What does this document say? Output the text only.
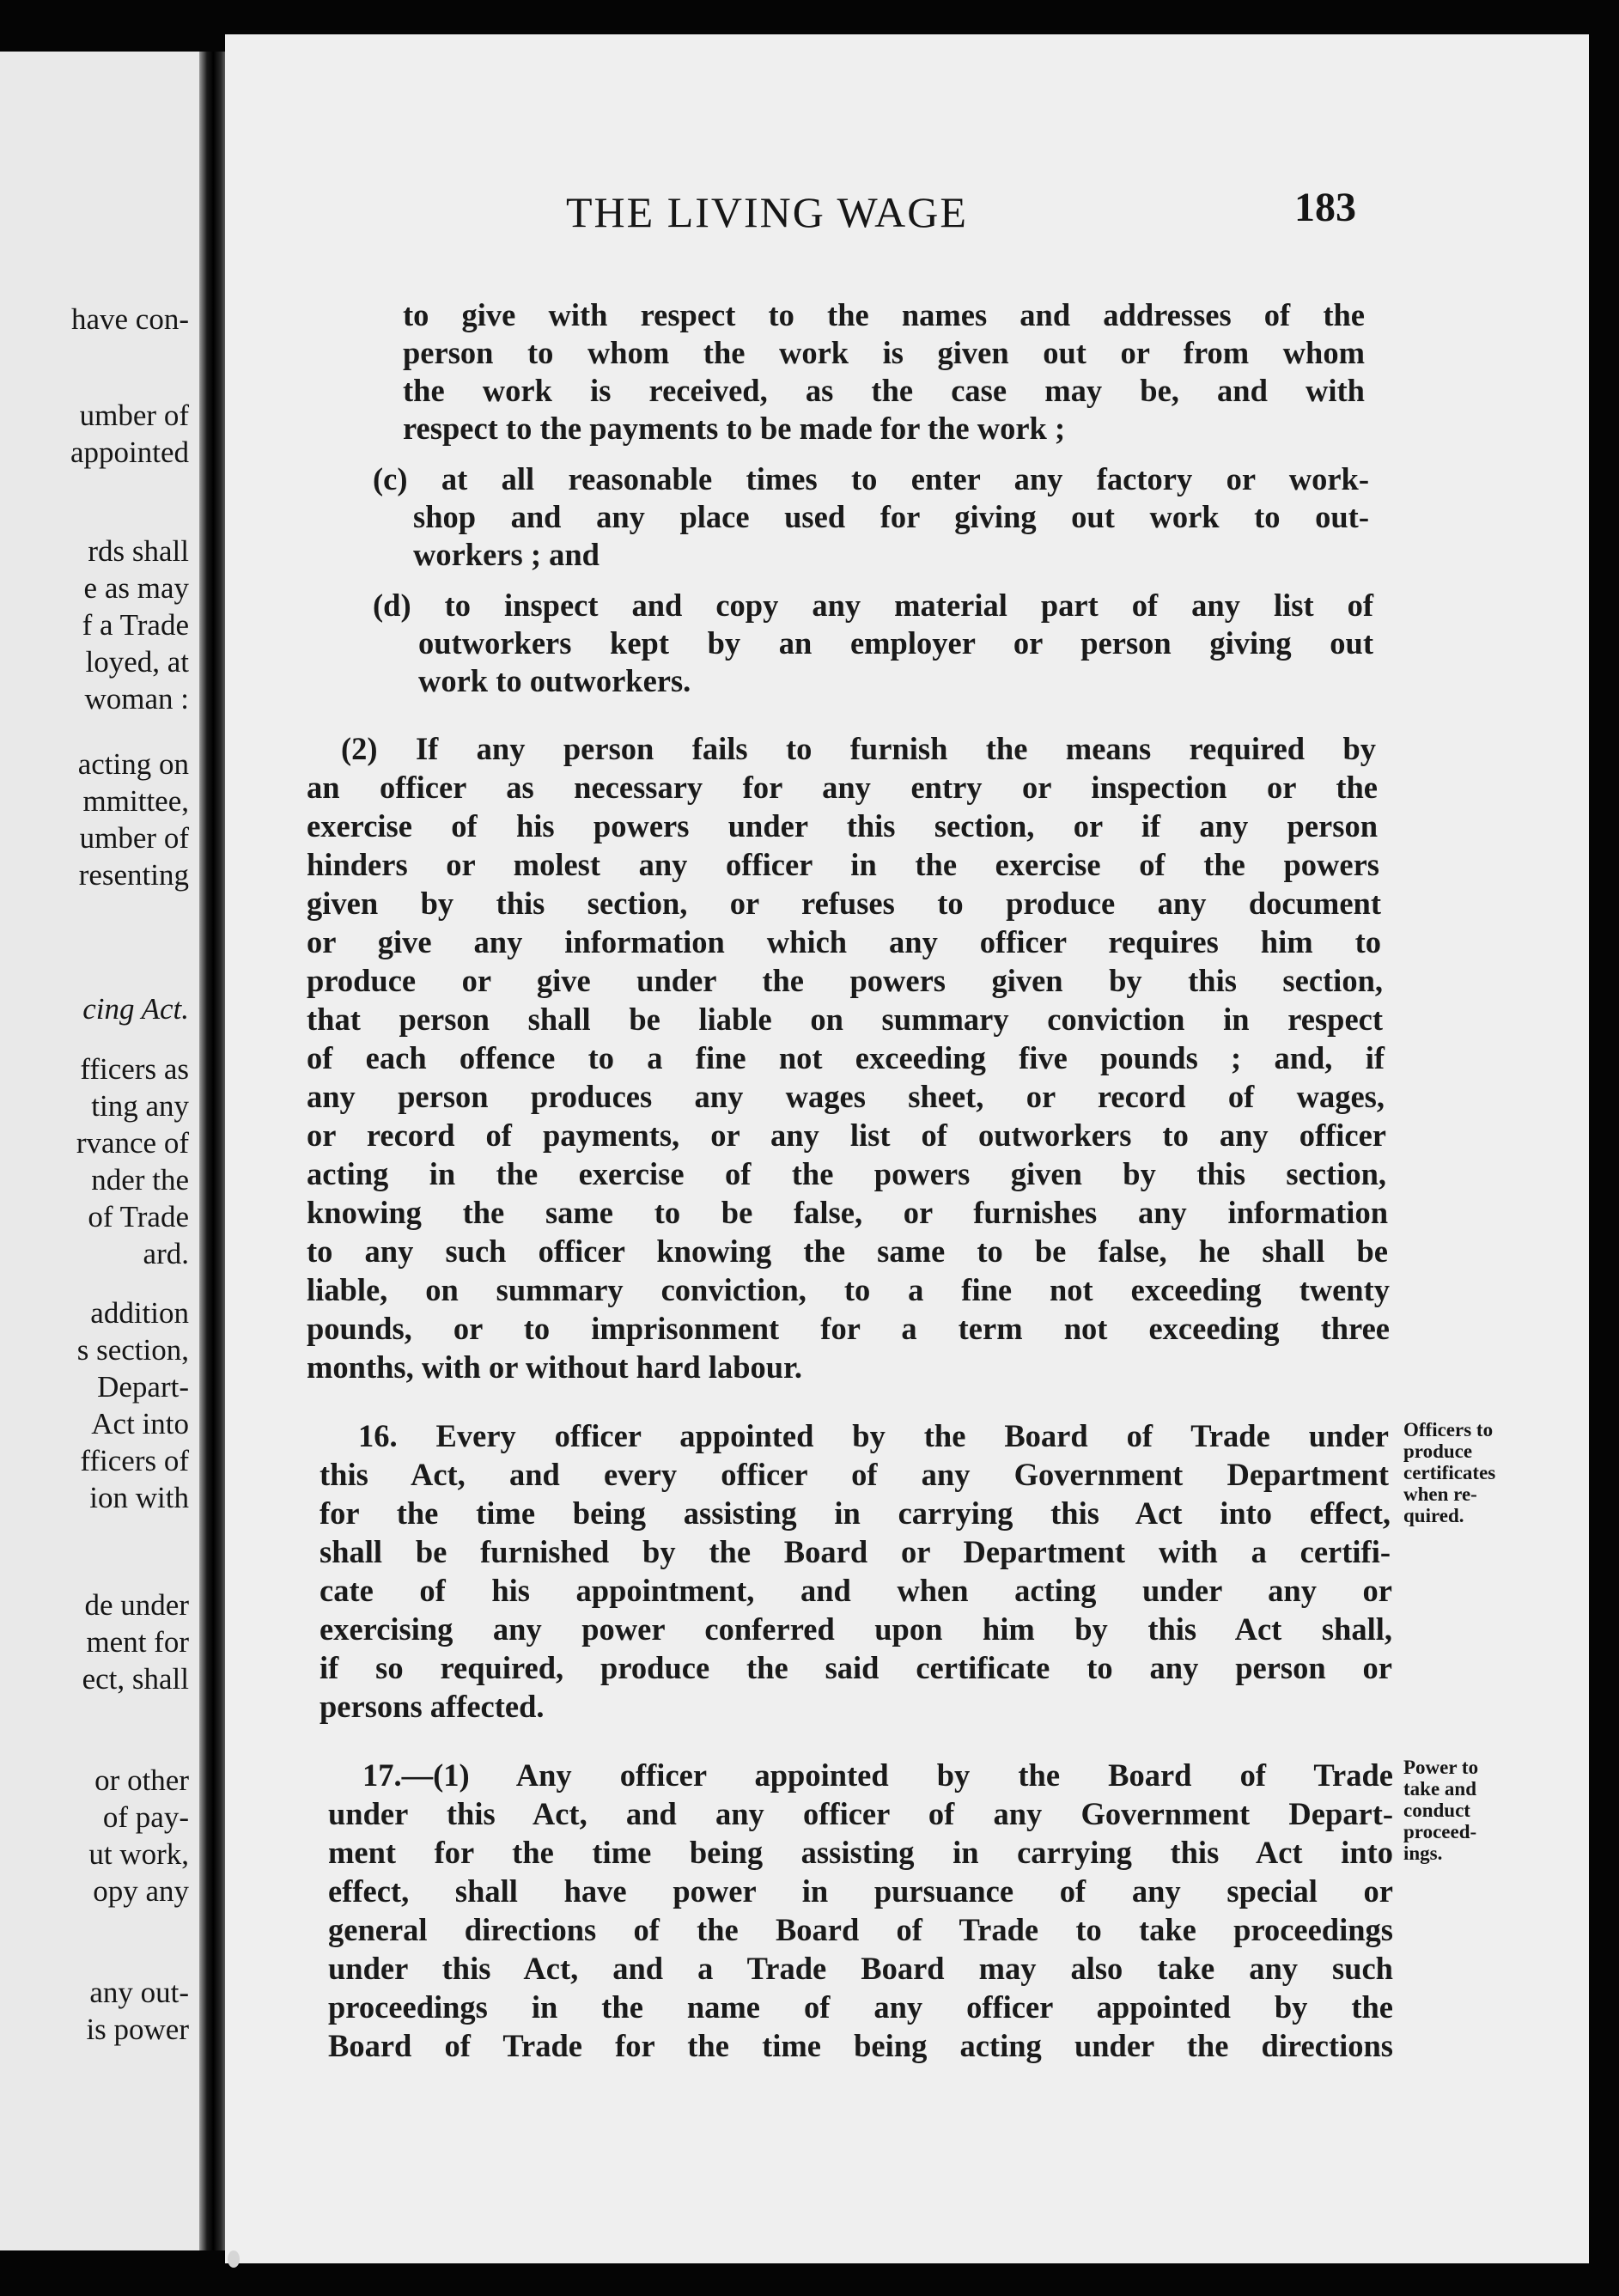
have con-
umber of
appointed
rds shall
e as may
f a Trade
loyed, at
woman :
acting on
mmittee,
umber of
resenting
cing Act.
fficers as
ting any
rvance of
nder the
of Trade
ard.
addition
s section,
Depart-
Act into
fficers of
ion with
de under
ment for
ect, shall
or other
of pay-
ut work,
opy any
any out-
is power
THE LIVING WAGE	183
to give with respect to the names and addresses of the
person to whom the work is given out or from whom
the work is received, as the case may be, and with
respect to the payments to be made for the work ;
(c) at all reasonable times to enter any factory or work-
shop and any place used for giving out work to out-
workers ; and
(d) to inspect and copy any material part of any list of
outworkers kept by an employer or person giving out
work to outworkers.
(2) If any person fails to furnish the means required by
an officer as necessary for any entry or inspection or the
exercise of his powers under this section, or if any person
hinders or molest any officer in the exercise of the powers
given by this section, or refuses to produce any document
or give any information which any officer requires him to
produce or give under the powers given by this section,
that person shall be liable on summary conviction in respect
of each offence to a fine not exceeding five pounds ; and, if
any person produces any wages sheet, or record of wages,
or record of payments, or any list of outworkers to any officer
acting in the exercise of the powers given by this section,
knowing the same to be false, or furnishes any information
to any such officer knowing the same to be false, he shall be
liable, on summary conviction, to a fine not exceeding twenty
pounds, or to imprisonment for a term not exceeding three
months, with or without hard labour.
16. Every officer appointed by the Board of Trade under
this Act, and every officer of any Government Department
for the time being assisting in carrying this Act into effect,
shall be furnished by the Board or Department with a certifi-
cate of his appointment, and when acting under any or
exercising any power conferred upon him by this Act shall,
if so required, produce the said certificate to any person or
persons affected.
17.—(1) Any officer appointed by the Board of Trade
under this Act, and any officer of any Government Depart-
ment for the time being assisting in carrying this Act into
effect, shall have power in pursuance of any special or
general directions of the Board of Trade to take proceedings
under this Act, and a Trade Board may also take any such
proceedings in the name of any officer appointed by the
Board of Trade for the time being acting under the directions
Officers to
produce
certificates
when re-
quired.
Power to
take and
conduct
proceed-
ings.
